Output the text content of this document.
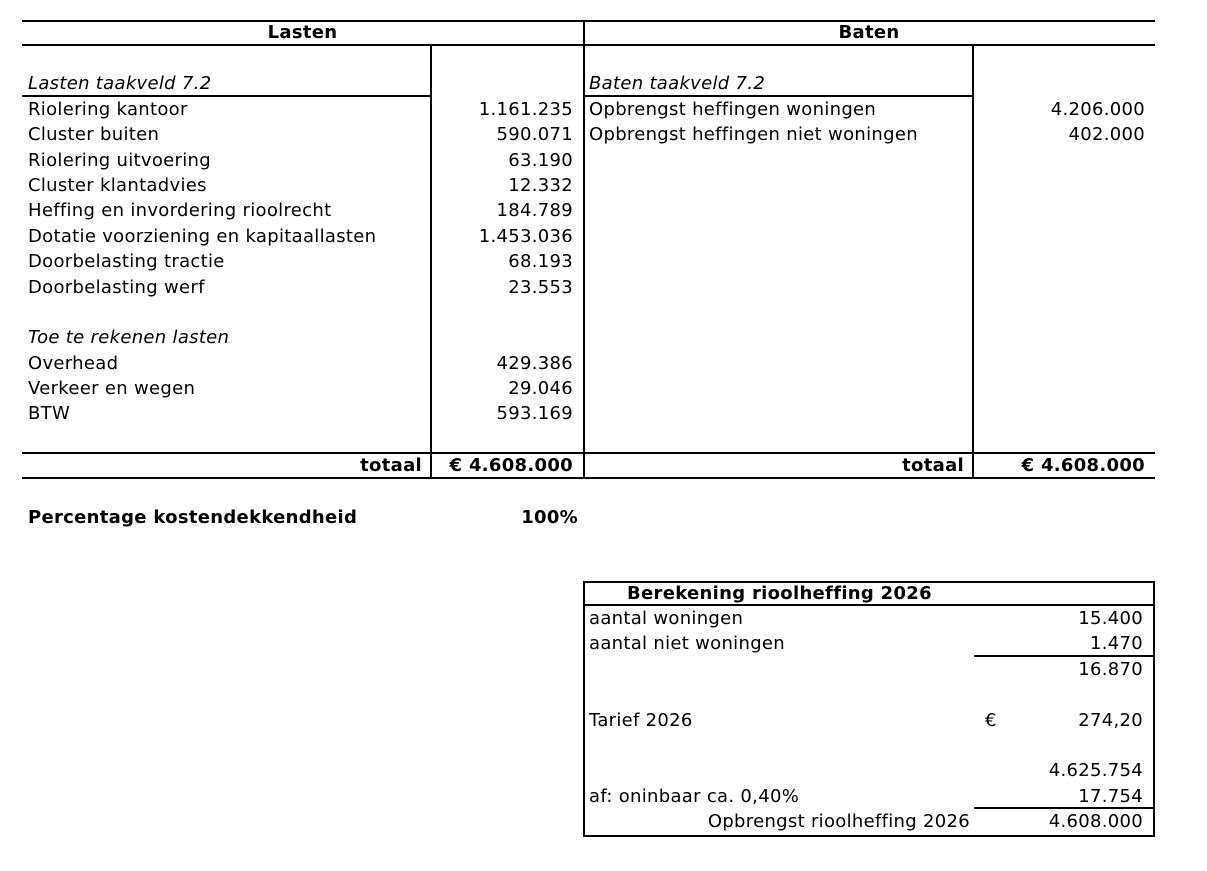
Lasten	Baten
Lasten taakveld 7.2	Baten taakveld 7.2
Riolering kantoor	1.161.235 Opbrengst heffingen woningen	4.206.000
Cluster buiten	590.071 Opbrengst heffingen niet woningen	402.000
Riolering uitvoering	63.190
Cluster klantadvies	12.332
Heffing en invordering rioolrecht	184.789
Dotatie voorziening en kapitaallasten	1.453.036
Doorbelasting tractie	68.193
Doorbelasting werf	23.553
Toe te rekenen lasten
Overhead	429.386
Verkeer en wegen	29.046
BTW	593.169
totaal	€ 4.608.000	totaal	€ 4.608.000
Percentage kostendekkendheid	100%
Berekening rioolheffing 2026
aantal woningen	15.400
aantal niet woningen	1.470
16.870
Tarief 2026	€	274,20
4.625.754
af: oninbaar ca. 0,40%	17.754
Opbrengst rioolheffing 2026	4.608.000
